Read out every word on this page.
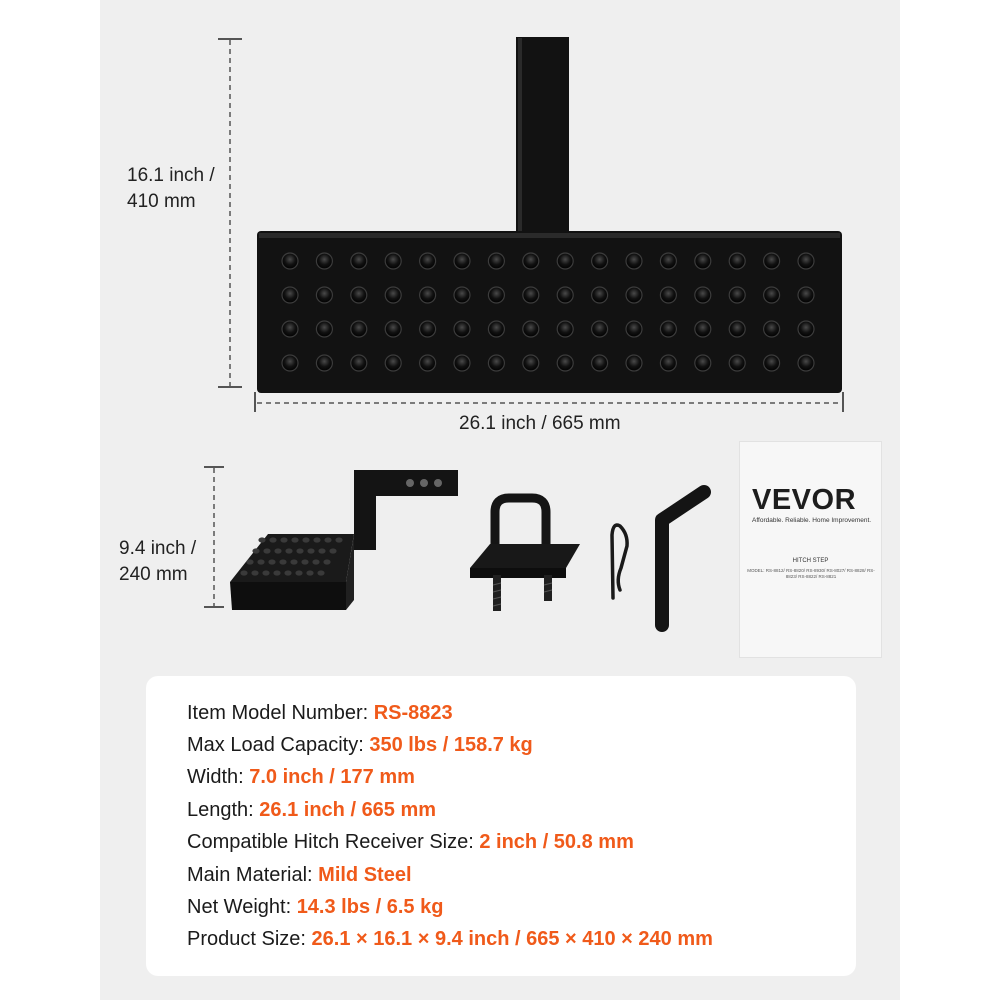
16.1 inch /
410 mm
26.1 inch / 665 mm
9.4 inch /
240 mm
VEVOR
Affordable. Reliable. Home Improvement.
HITCH STEP
MODEL: RS-8812/ RS-8820/ RS-8930/ RS-8027/ RS-8828/ RS-8823/ RS-8822/ RS-8821
Item Model Number: RS-8823
Max Load Capacity: 350 lbs / 158.7 kg
Width: 7.0 inch / 177 mm
Length: 26.1 inch / 665 mm
Compatible Hitch Receiver Size: 2 inch / 50.8 mm
Main Material: Mild Steel
Net Weight: 14.3 lbs / 6.5 kg
Product Size: 26.1 × 16.1 × 9.4 inch / 665 × 410 × 240 mm
